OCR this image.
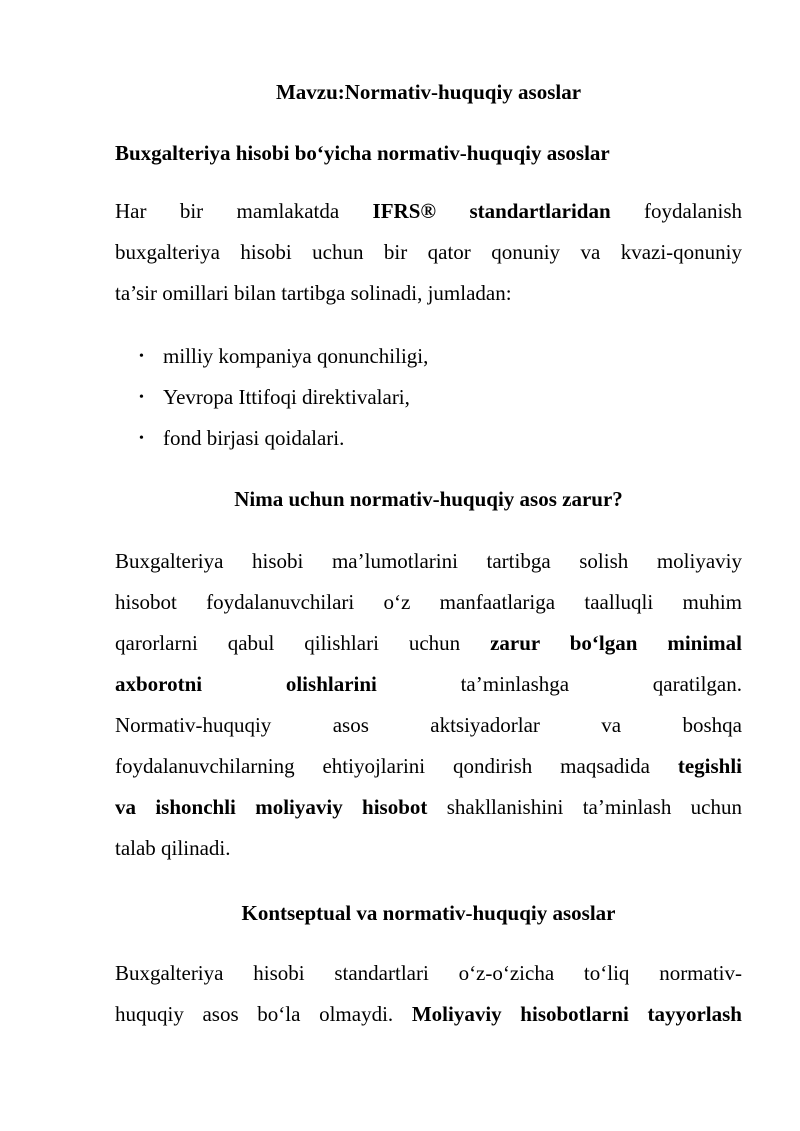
Mavzu:Normativ-huquqiy asoslar
Buxgalteriya hisobi bo‘yicha normativ-huquqiy asoslar
Har bir mamlakatda IFRS® standartlaridan foydalanish
buxgalteriya hisobi uchun bir qator qonuniy va kvazi-qonuniy
ta’sir omillari bilan tartibga solinadi, jumladan:
• milliy kompaniya qonunchiligi,
• Yevropa Ittifoqi direktivalari,
• fond birjasi qoidalari.
Nima uchun normativ-huquqiy asos zarur?
Buxgalteriya hisobi ma’lumotlarini tartibga solish moliyaviy
hisobot foydalanuvchilari o‘z manfaatlariga taalluqli muhim
qarorlarni qabul qilishlari uchun zarur bo‘lgan minimal
axborotni olishlarini ta’minlashga qaratilgan.
Normativ-huquqiy asos aktsiyadorlar va boshqa
foydalanuvchilarning ehtiyojlarini qondirish maqsadida tegishli
va ishonchli moliyaviy hisobot shakllanishini ta’minlash uchun
talab qilinadi.
Kontseptual va normativ-huquqiy asoslar
Buxgalteriya hisobi standartlari o‘z-o‘zicha to‘liq normativ-
huquqiy asos bo‘la olmaydi. Moliyaviy hisobotlarni tayyorlash
